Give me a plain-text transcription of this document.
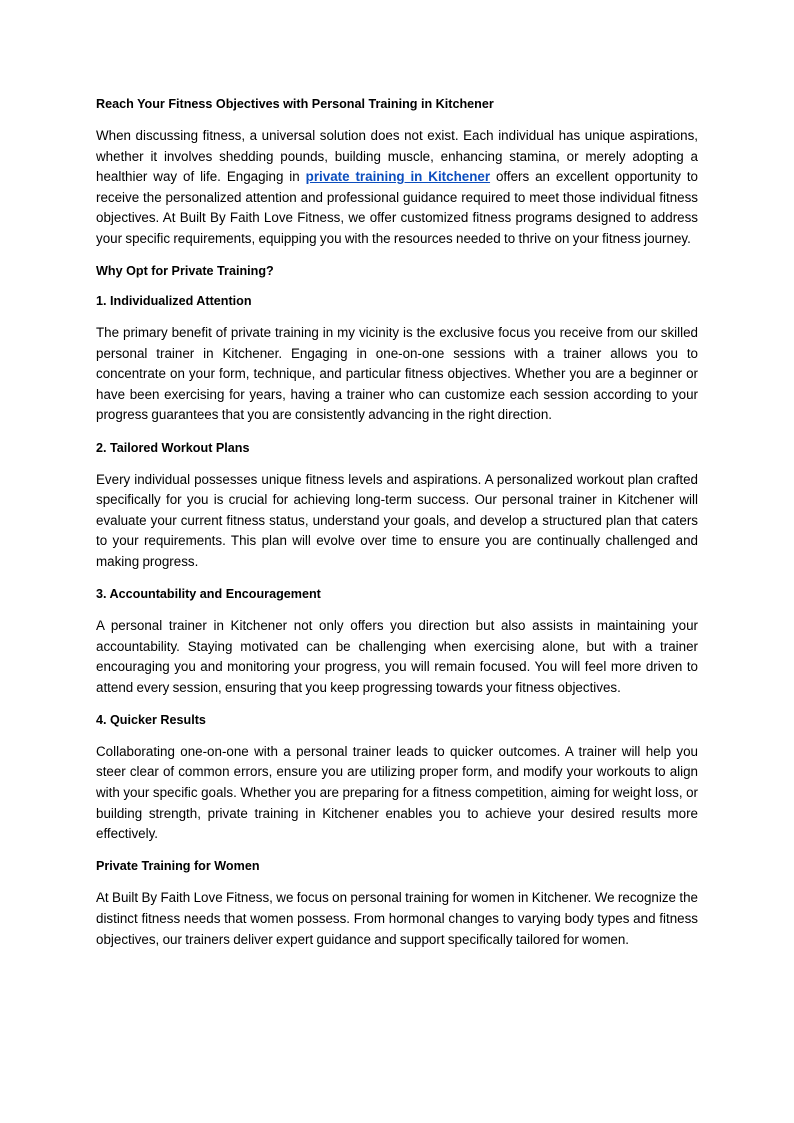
Reach Your Fitness Objectives with Personal Training in Kitchener

When discussing fitness, a universal solution does not exist. Each individual has unique aspirations, whether it involves shedding pounds, building muscle, enhancing stamina, or merely adopting a healthier way of life. Engaging in private training in Kitchener offers an excellent opportunity to receive the personalized attention and professional guidance required to meet those individual fitness objectives. At Built By Faith Love Fitness, we offer customized fitness programs designed to address your specific requirements, equipping you with the resources needed to thrive on your fitness journey.

Why Opt for Private Training?
1. Individualized Attention

The primary benefit of private training in my vicinity is the exclusive focus you receive from our skilled personal trainer in Kitchener. Engaging in one-on-one sessions with a trainer allows you to concentrate on your form, technique, and particular fitness objectives. Whether you are a beginner or have been exercising for years, having a trainer who can customize each session according to your progress guarantees that you are consistently advancing in the right direction.

2. Tailored Workout Plans

Every individual possesses unique fitness levels and aspirations. A personalized workout plan crafted specifically for you is crucial for achieving long-term success. Our personal trainer in Kitchener will evaluate your current fitness status, understand your goals, and develop a structured plan that caters to your requirements. This plan will evolve over time to ensure you are continually challenged and making progress.

3. Accountability and Encouragement

A personal trainer in Kitchener not only offers you direction but also assists in maintaining your accountability. Staying motivated can be challenging when exercising alone, but with a trainer encouraging you and monitoring your progress, you will remain focused. You will feel more driven to attend every session, ensuring that you keep progressing towards your fitness objectives.

4. Quicker Results

Collaborating one-on-one with a personal trainer leads to quicker outcomes. A trainer will help you steer clear of common errors, ensure you are utilizing proper form, and modify your workouts to align with your specific goals. Whether you are preparing for a fitness competition, aiming for weight loss, or building strength, private training in Kitchener enables you to achieve your desired results more effectively.

Private Training for Women

At Built By Faith Love Fitness, we focus on personal training for women in Kitchener. We recognize the distinct fitness needs that women possess. From hormonal changes to varying body types and fitness objectives, our trainers deliver expert guidance and support specifically tailored for women.
